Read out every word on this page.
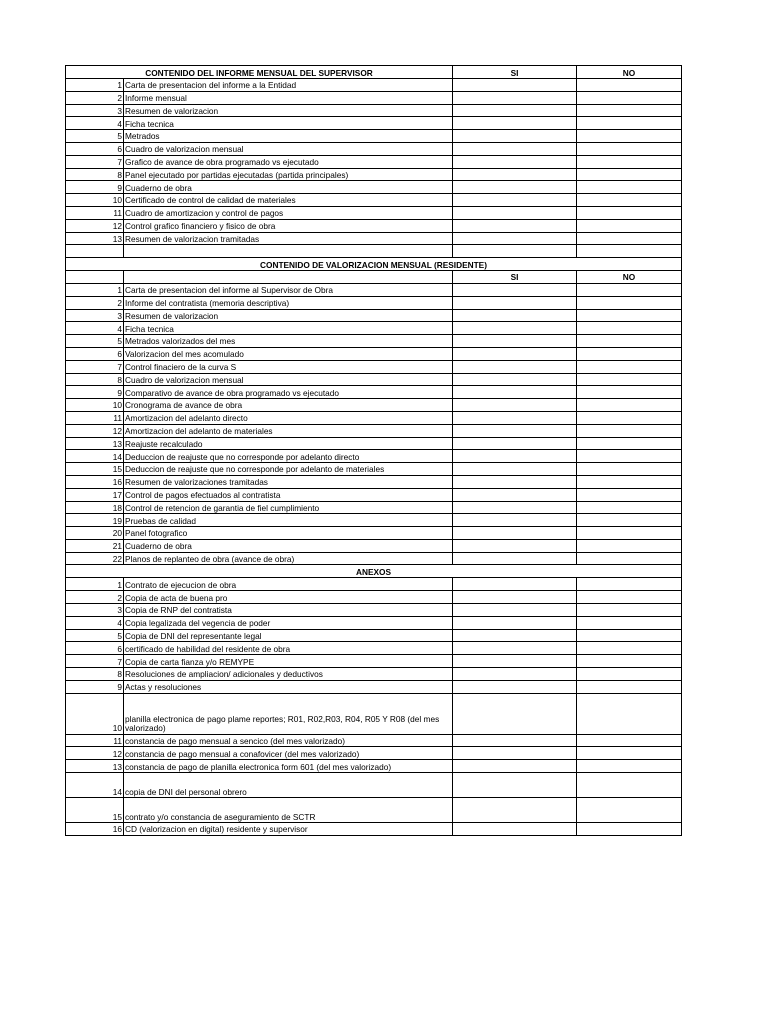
CONTENIDO DEL INFORME MENSUAL DEL SUPERVISOR		SI	NO
1	Carta de presentacion del informe a la Entidad		
2	Informe mensual		
3	Resumen de valorizacion		
4	Ficha tecnica		
5	Metrados		
6	Cuadro de valorizacion mensual		
7	Grafico de avance de obra programado vs ejecutado		
8	Panel ejecutado por partidas ejecutadas (partida principales)		
9	Cuaderno de obra		
10	Certificado de control de calidad de materiales		
11	Cuadro de amortizacion y control de pagos		
12	Control grafico financiero y fisico de obra		
13	Resumen de valorizacion tramitadas		

CONTENIDO DE VALORIZACION MENSUAL (RESIDENTE)			
		SI	NO
1	Carta de presentacion del informe al Supervisor de Obra		
2	Informe del contratista (memoria descriptiva)		
3	Resumen de valorizacion		
4	Ficha tecnica		
5	Metrados valorizados del mes		
6	Valorizacion del mes acomulado		
7	Control finaciero de la curva S		
8	Cuadro de valorizacion mensual		
9	Comparativo de avance de obra programado vs ejecutado		
10	Cronograma de avance de obra		
11	Amortizacion del adelanto directo		
12	Amortizacion del adelanto de materiales		
13	Reajuste recalculado		
14	Deduccion de reajuste que no corresponde por adelanto directo		
15	Deduccion de reajuste que no corresponde por adelanto de materiales		
16	Resumen de valorizaciones tramitadas		
17	Control de pagos efectuados al contratista		
18	Control de retencion de garantia de fiel cumplimiento		
19	Pruebas de calidad		
20	Panel fotografico		
21	Cuaderno de obra		
22	Planos de replanteo de obra (avance de obra)		
ANEXOS			
1	Contrato de ejecucion de obra		
2	Copia de acta de buena pro		
3	Copia de RNP del contratista		
4	Copia legalizada del vegencia de poder		
5	Copia de DNI del representante legal		
6	certificado de habilidad del residente de obra		
7	Copia de carta fianza y/o REMYPE		
8	Resoluciones de ampliacion/ adicionales y deductivos		
9	Actas y resoluciones		
10	planilla electronica de pago plame reportes; R01, R02,R03, R04, R05 Y R08 (del mes valorizado)		
11	constancia de pago mensual a sencico (del mes valorizado)		
12	constancia de pago mensual a conafovicer (del mes valorizado)		
13	constancia de pago de planilla electronica form 601 (del mes valorizado)		
14	copia de DNI del personal obrero		
15	contrato y/o constancia de aseguramiento de SCTR		
16	CD (valorizacion en digital) residente y supervisor		
